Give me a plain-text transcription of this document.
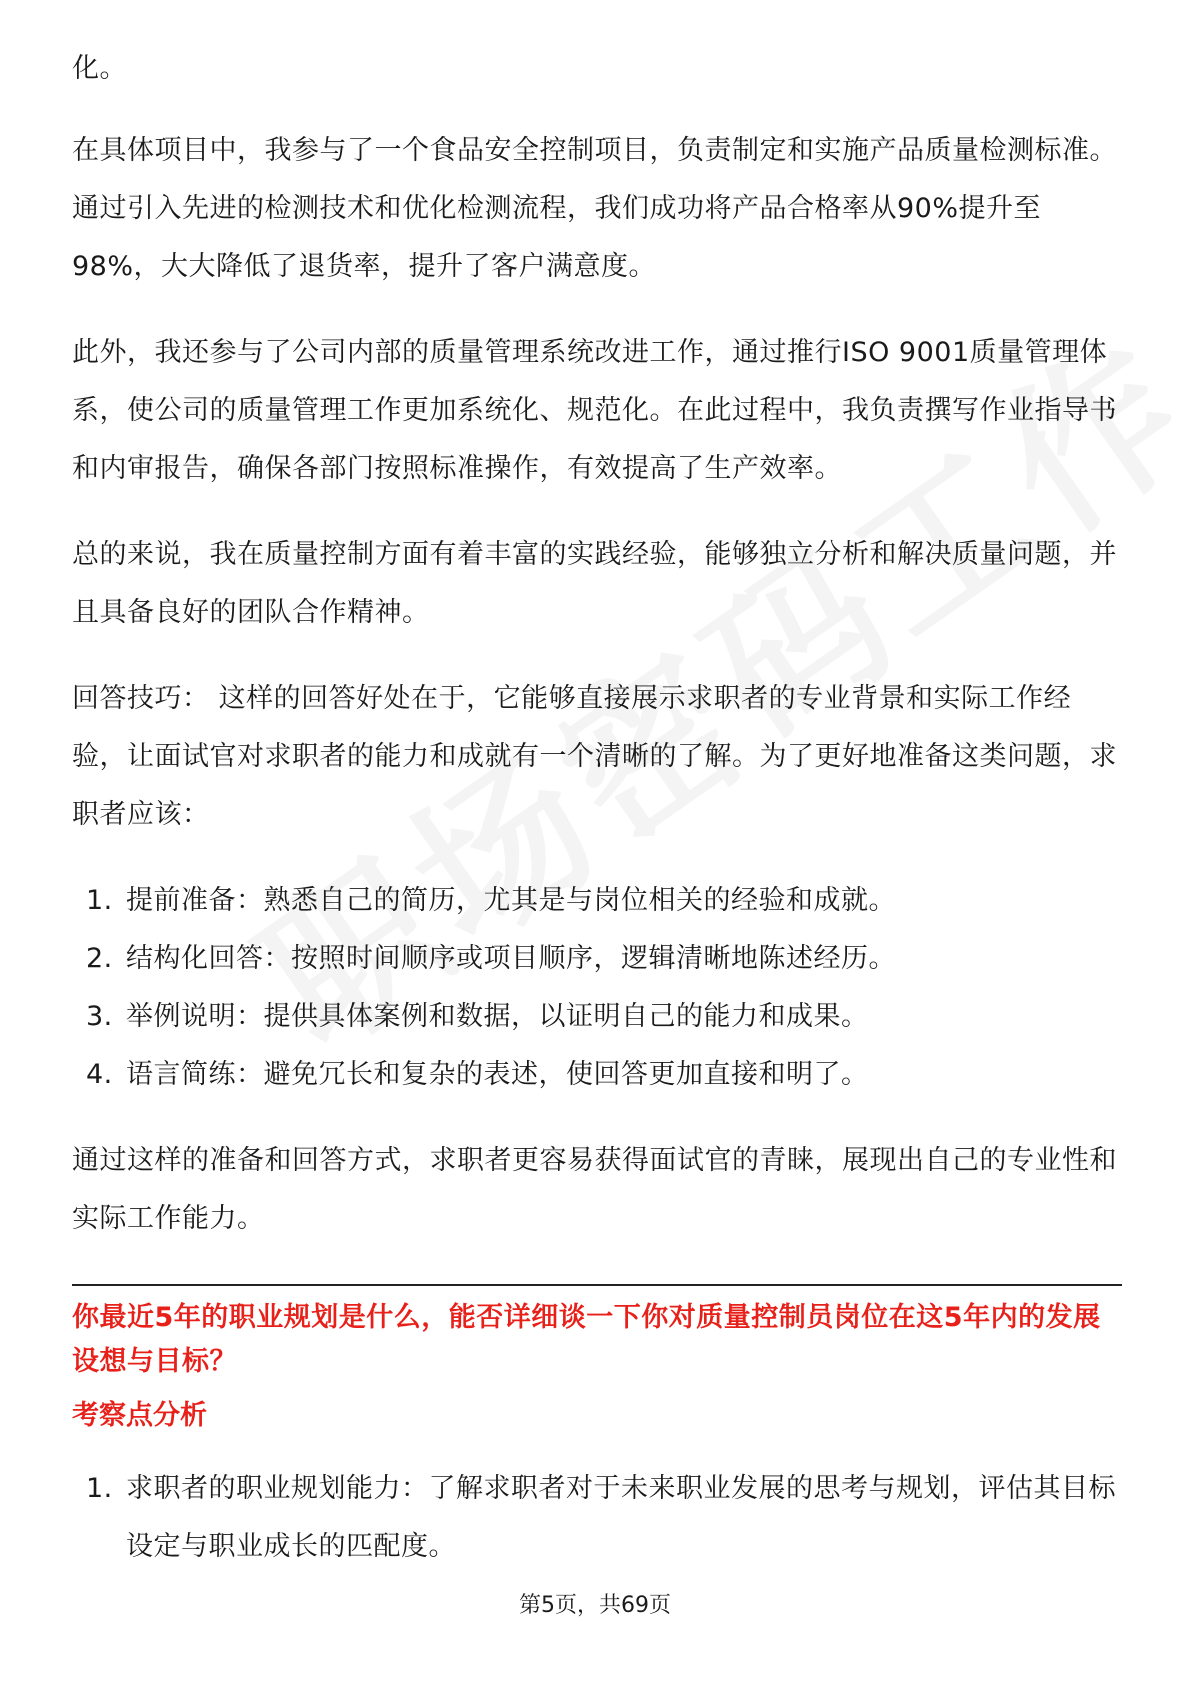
化。

在具体项目中，我参与了一个食品安全控制项目，负责制定和实施产品质量检测标准。通过引入先进的检测技术和优化检测流程，我们成功将产品合格率从90%提升至98%，大大降低了退货率，提升了客户满意度。

此外，我还参与了公司内部的质量管理系统改进工作，通过推行ISO 9001质量管理体系，使公司的质量管理工作更加系统化、规范化。在此过程中，我负责撰写作业指导书和内审报告，确保各部门按照标准操作，有效提高了生产效率。

总的来说，我在质量控制方面有着丰富的实践经验，能够独立分析和解决质量问题，并且具备良好的团队合作精神。

回答技巧： 这样的回答好处在于，它能够直接展示求职者的专业背景和实际工作经验，让面试官对求职者的能力和成就有一个清晰的了解。为了更好地准备这类问题，求职者应该：

1. 提前准备：熟悉自己的简历，尤其是与岗位相关的经验和成就。
2. 结构化回答：按照时间顺序或项目顺序，逻辑清晰地陈述经历。
3. 举例说明：提供具体案例和数据，以证明自己的能力和成果。
4. 语言简练：避免冗长和复杂的表述，使回答更加直接和明了。

通过这样的准备和回答方式，求职者更容易获得面试官的青睐，展现出自己的专业性和实际工作能力。

你最近5年的职业规划是什么，能否详细谈一下你对质量控制员岗位在这5年内的发展设想与目标？
考察点分析
1. 求职者的职业规划能力：了解求职者对于未来职业发展的思考与规划，评估其目标设定与职业成长的匹配度。
第5页，共69页
